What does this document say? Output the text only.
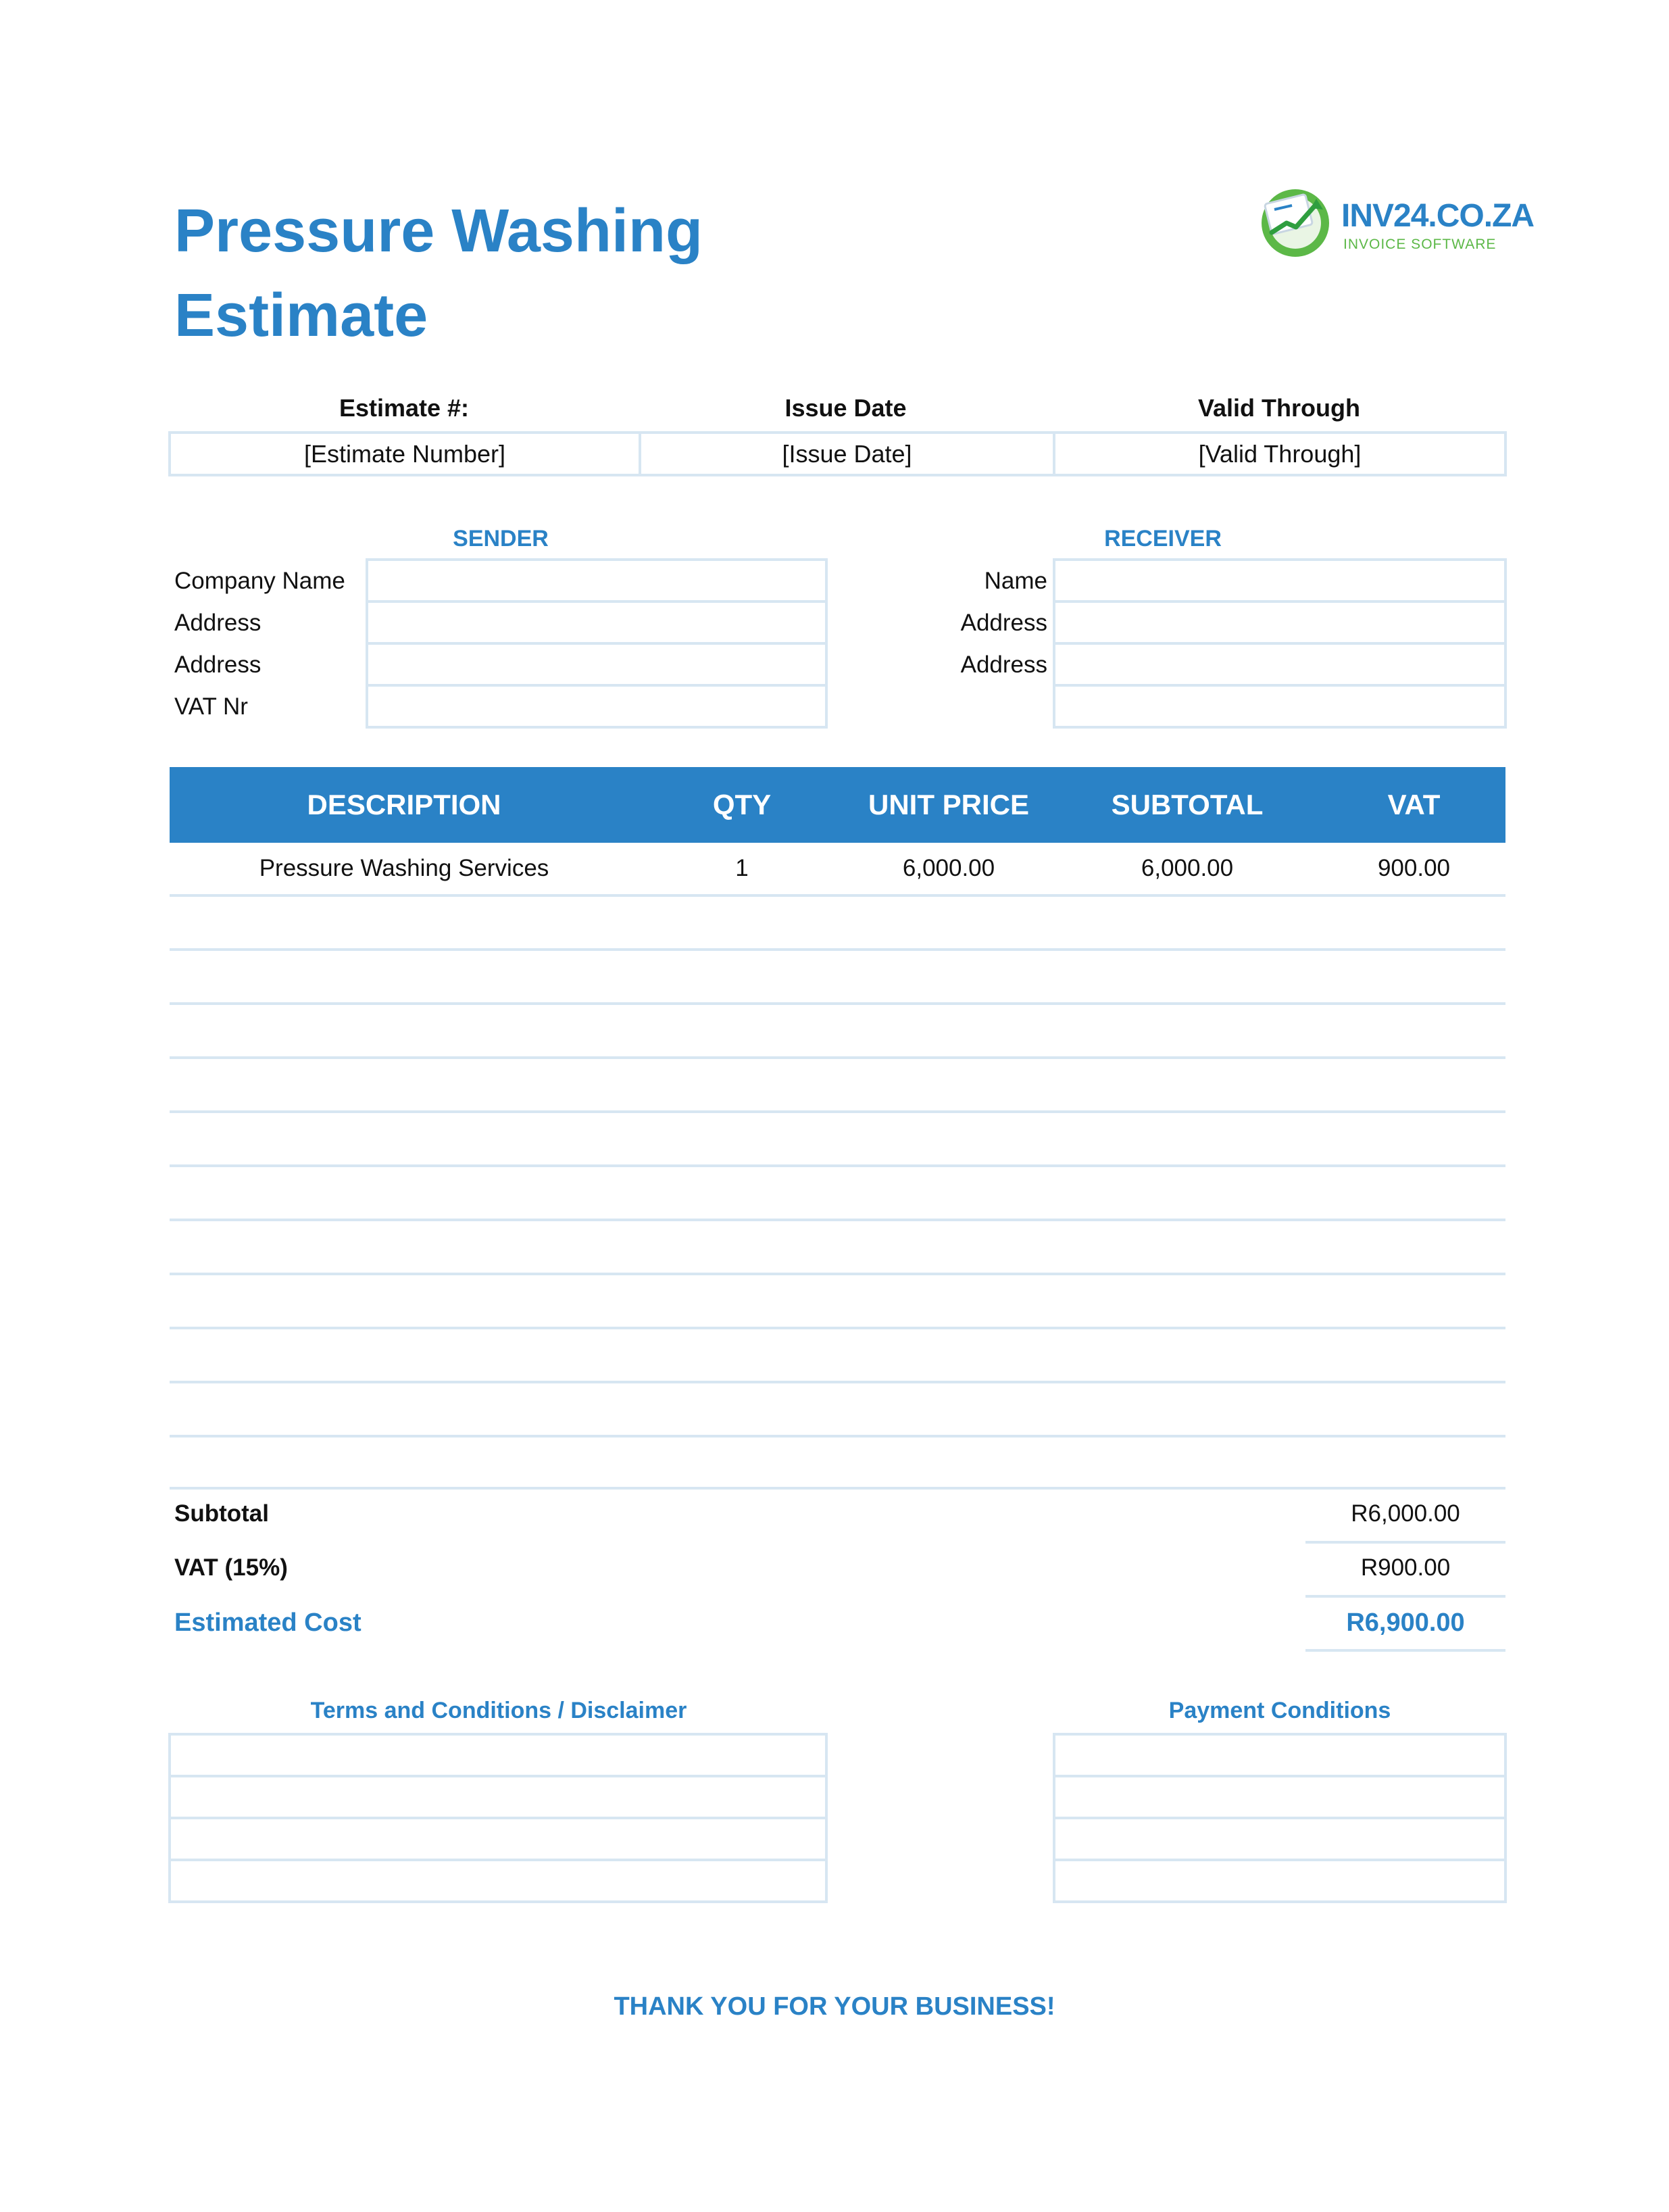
Pressure Washing
Estimate
INV24.CO.ZA
INVOICE SOFTWARE
Estimate #:	Issue Date	Valid Through
[Estimate Number]	[Issue Date]	[Valid Through]
SENDER	RECEIVER
Company Name
Address
Address
VAT Nr
Name
Address
Address
DESCRIPTION	QTY	UNIT PRICE	SUBTOTAL	VAT
Pressure Washing Services	1	6,000.00	6,000.00	900.00
Subtotal	R6,000.00
VAT (15%)	R900.00
Estimated Cost	R6,900.00
Terms and Conditions / Disclaimer	Payment Conditions
THANK YOU FOR YOUR BUSINESS!
